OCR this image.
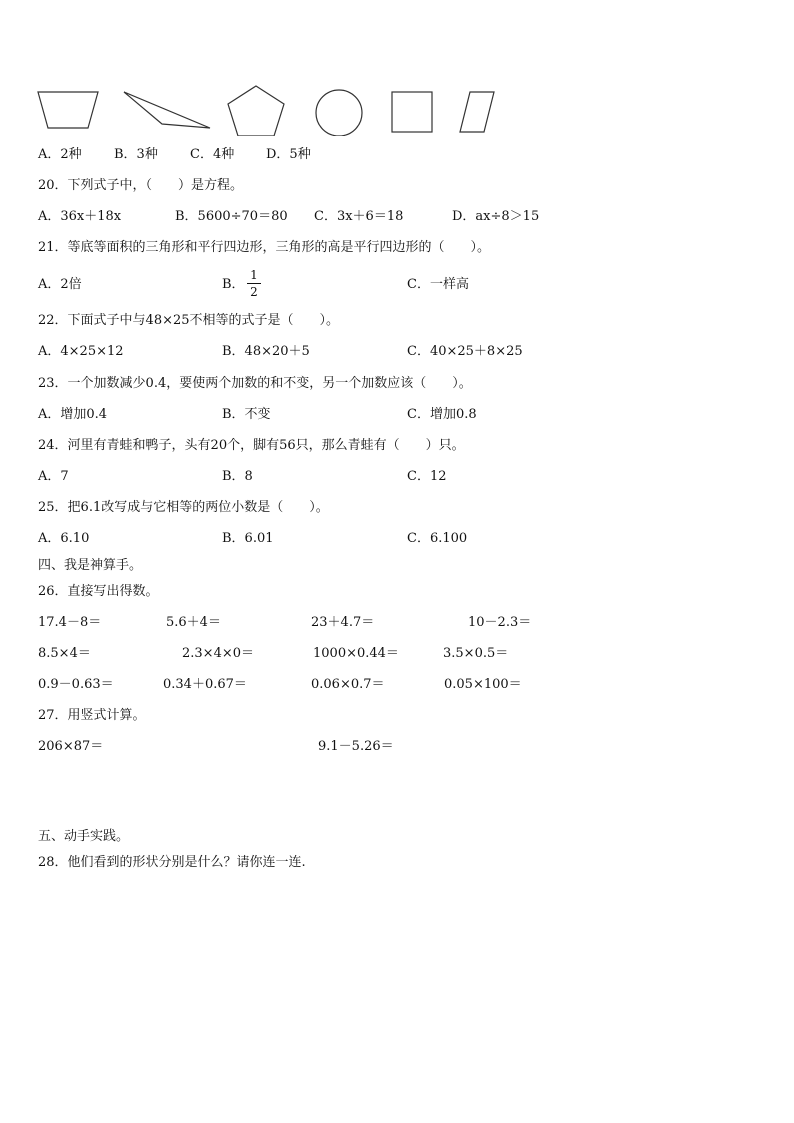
A．2种 B．3种 C．4种 D．5种
20．下列式子中，（　　）是方程。
A．36x＋18x	B．5600÷70＝80 C．3x＋6＝18	D．ax÷8＞15
21．等底等面积的三角形和平行四边形，三角形的高是平行四边形的（　　）。
A．2倍	B．
1
2	C．一样高
22．下面式子中与48×25不相等的式子是（　　）。
A．4×25×12	B．48×20＋5	C．40×25＋8×25
23．一个加数减少0.4，要使两个加数的和不变，另一个加数应该（　　）。
A．增加0.4	B．不变	C．增加0.8
24．河里有青蛙和鸭子，头有20个，脚有56只，那么青蛙有（　　）只。
A．7	B．8	C．12
25．把6.1改写成与它相等的两位小数是（　　）。
A．6.10	B．6.01	C．6.100
四、我是神算手。
26．直接写出得数。
17.4－8＝	5.6＋4＝	23＋4.7＝	10－2.3＝
8.5×4＝	2.3×4×0＝	1000×0.44＝	3.5×0.5＝
0.9－0.63＝	0.34＋0.67＝	0.06×0.7＝	0.05×100＝
27．用竖式计算。
206×87＝	9.1－5.26＝
五、动手实践。
28．他们看到的形状分别是什么？请你连一连.
